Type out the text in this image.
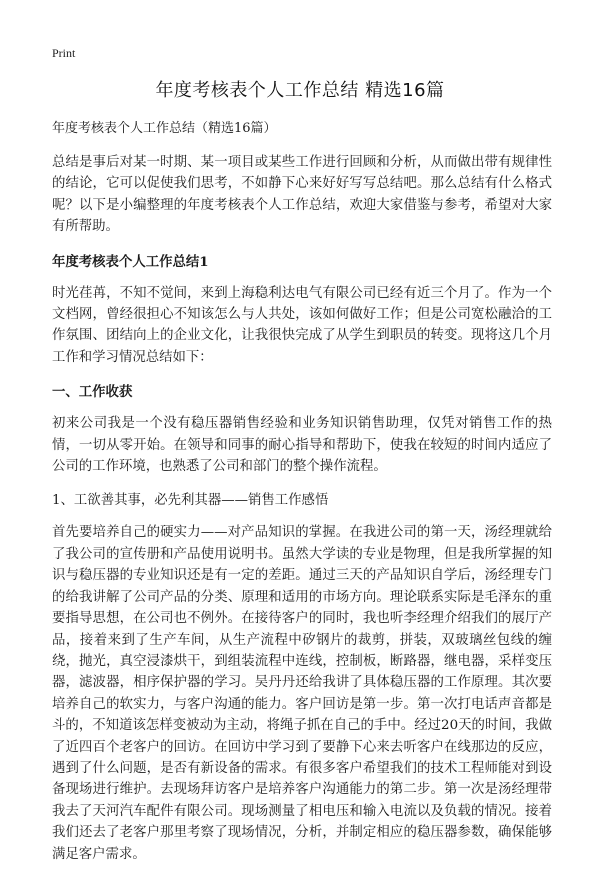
Print
年度考核表个人工作总结 精选16篇
年度考核表个人工作总结（精选16篇）

总结是事后对某一时期、某一项目或某些工作进行回顾和分析，从而做出带有规律性的结论，它可以促使我们思考，不如静下心来好好写写总结吧。那么总结有什么格式呢？以下是小编整理的年度考核表个人工作总结，欢迎大家借鉴与参考，希望对大家有所帮助。

年度考核表个人工作总结1

时光荏苒，不知不觉间，来到上海稳利达电气有限公司已经有近三个月了。作为一个文档网，曾经很担心不知该怎么与人共处，该如何做好工作；但是公司宽松融洽的工作氛围、团结向上的企业文化，让我很快完成了从学生到职员的转变。现将这几个月工作和学习情况总结如下：

一、工作收获

初来公司我是一个没有稳压器销售经验和业务知识销售助理，仅凭对销售工作的热情，一切从零开始。在领导和同事的耐心指导和帮助下，使我在较短的时间内适应了公司的工作环境，也熟悉了公司和部门的整个操作流程。

1、工欲善其事，必先利其器——销售工作感悟

首先要培养自己的硬实力——对产品知识的掌握。在我进公司的第一天，汤经理就给了我公司的宣传册和产品使用说明书。虽然大学读的专业是物理，但是我所掌握的知识与稳压器的专业知识还是有一定的差距。通过三天的产品知识自学后，汤经理专门的给我讲解了公司产品的分类、原理和适用的市场方向。理论联系实际是毛泽东的重要指导思想，在公司也不例外。在接待客户的同时，我也听李经理介绍我们的展厅产品，接着来到了生产车间，从生产流程中矽钢片的裁剪，拼装，双玻璃丝包线的缠绕，抛光，真空浸漆烘干，到组装流程中连线，控制板，断路器，继电器，采样变压器，滤波器，相序保护器的学习。吴丹丹还给我讲了具体稳压器的工作原理。其次要培养自己的软实力，与客户沟通的能力。客户回访是第一步。第一次打电话声音都是斗的，不知道该怎样变被动为主动，将绳子抓在自己的手中。经过20天的时间，我做了近四百个老客户的回访。在回访中学习到了要静下心来去听客户在线那边的反应，遇到了什么问题，是否有新设备的需求。有很多客户希望我们的技术工程师能对到设备现场进行维护。去现场拜访客户是培养客户沟通能力的第二步。第一次是汤经理带我去了天河汽车配件有限公司。现场测量了相电压和输入电流以及负载的情况。接着我们还去了老客户那里考察了现场情况，分析，并制定相应的稳压器参数，确保能够满足客户需求。
